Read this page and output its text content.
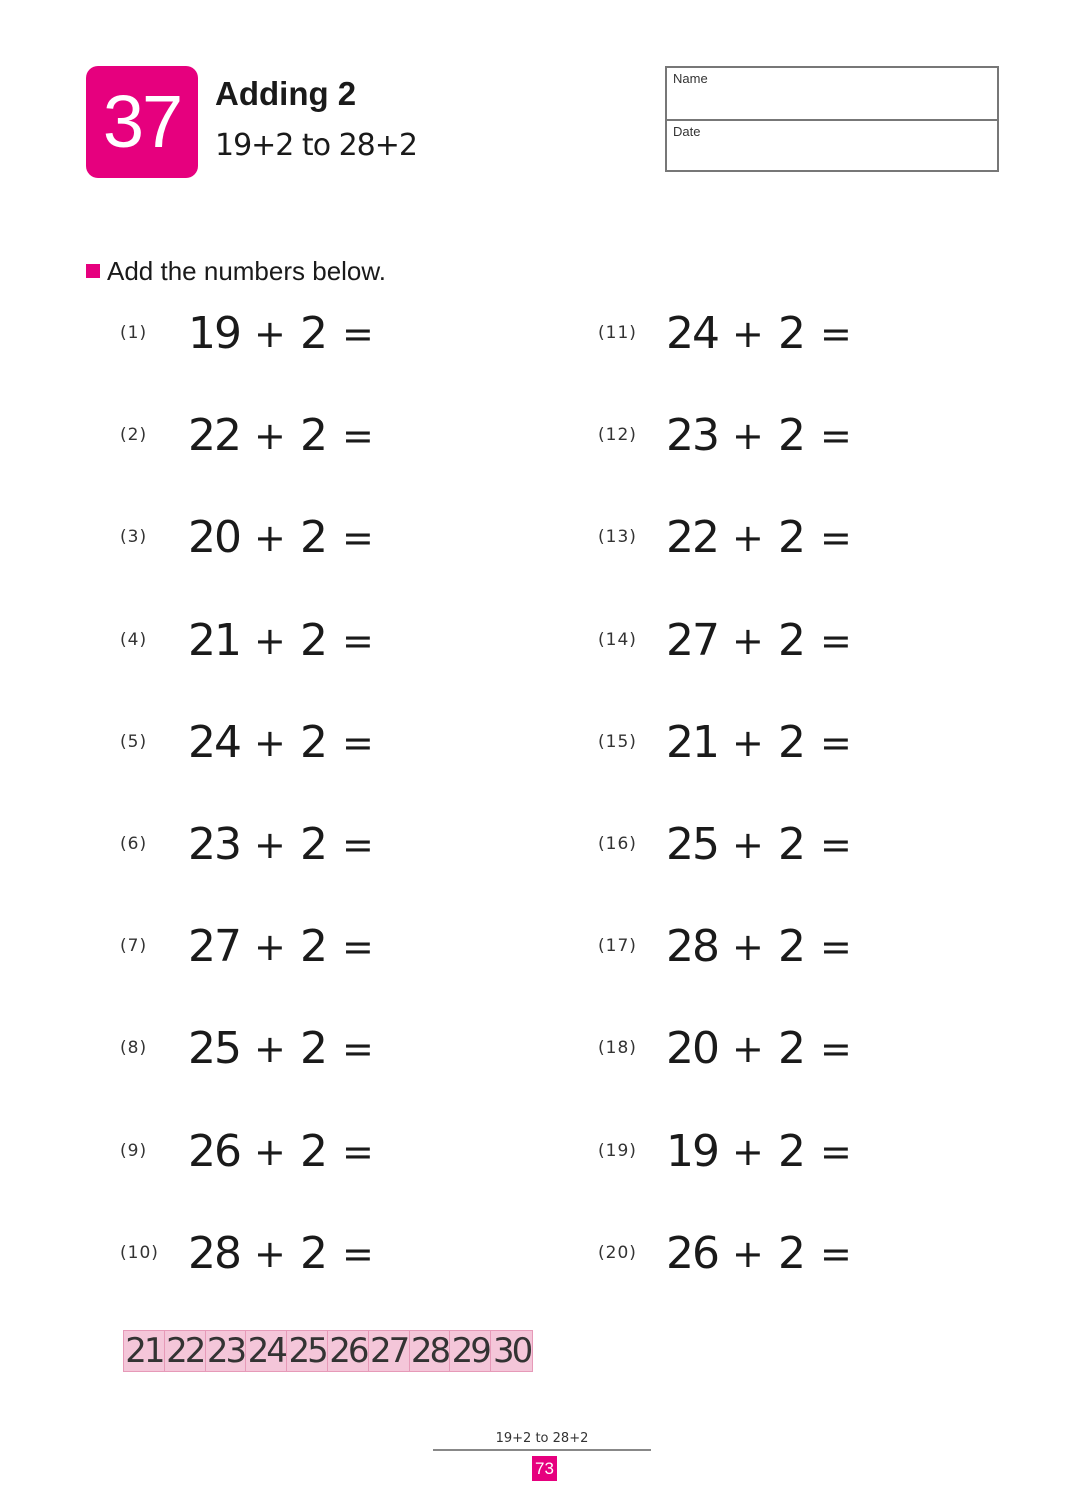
37	Adding 2
19+2 to 28+2
Name
Date
Add the numbers below.
(1) 19 + 2 =
(2) 22 + 2 =
(3) 20 + 2 =
(4) 21 + 2 =
(5) 24 + 2 =
(6) 23 + 2 =
(7) 27 + 2 =
(8) 25 + 2 =
(9) 26 + 2 =
(10) 28 + 2 =
(11) 24 + 2 =
(12) 23 + 2 =
(13) 22 + 2 =
(14) 27 + 2 =
(15) 21 + 2 =
(16) 25 + 2 =
(17) 28 + 2 =
(18) 20 + 2 =
(19) 19 + 2 =
(20) 26 + 2 =
21 22 23 24 25 26 27 28 29 30
19+2 to 28+2
73
